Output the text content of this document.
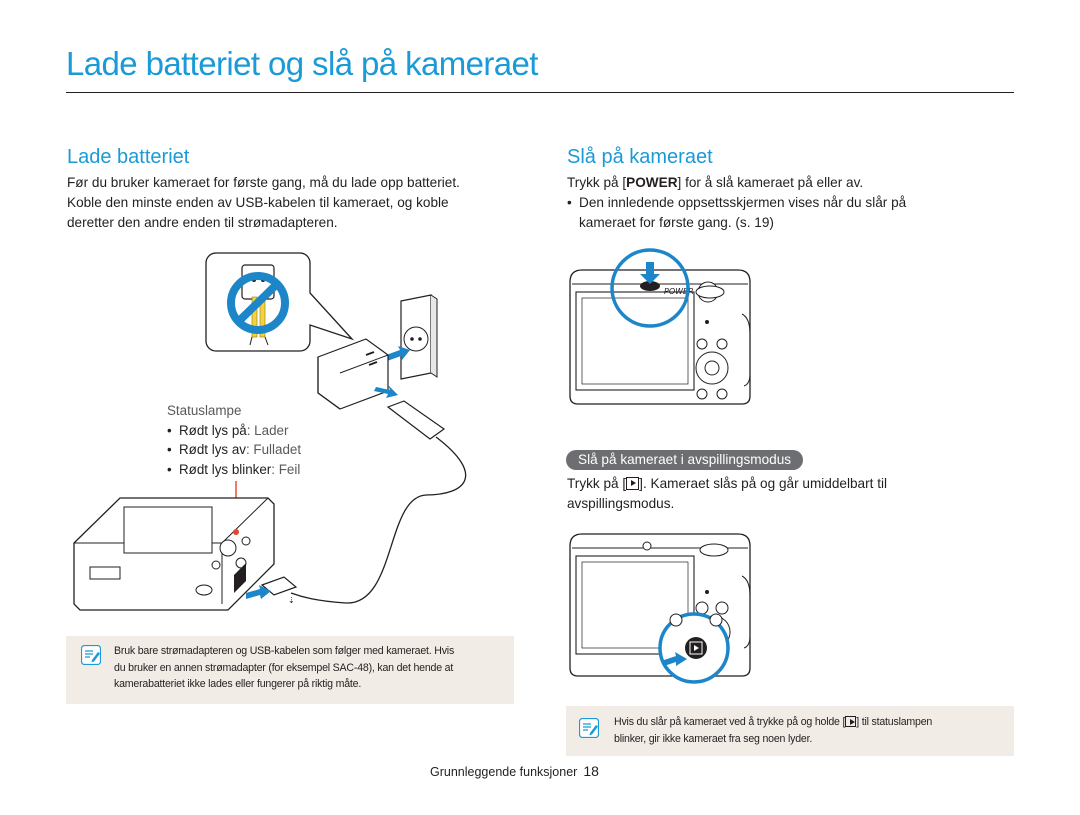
Lade batteriet og slå på kameraet
Lade batteriet
Før du bruker kameraet for første gang, må du lade opp batteriet.
Koble den minste enden av USB-kabelen til kameraet, og koble
deretter den andre enden til strømadapteren.
⇣
Statuslampe
• Rødt lys på : Lader
• Rødt lys av : Fulladet
• Rødt lys blinker : Feil
Bruk bare strømadapteren og USB-kabelen som følger med kameraet. Hvis
du bruker en annen strømadapter (for eksempel SAC-48), kan det hende at
kamerabatteriet ikke lades eller fungerer på riktig måte.
Slå på kameraet
Trykk på [POWER] for å slå kameraet på eller av.
• Den innledende oppsettsskjermen vises når du slår på
kameraet for første gang. (s. 19)
POWER
Slå på kameraet i avspillingsmodus
Trykk på [ ]. Kameraet slås på og går umiddelbart til
avspillingsmodus.
Hvis du slår på kameraet ved å trykke på og holde [ ] til statuslampen
blinker, gir ikke kameraet fra seg noen lyder.
Grunnleggende funksjoner 18
